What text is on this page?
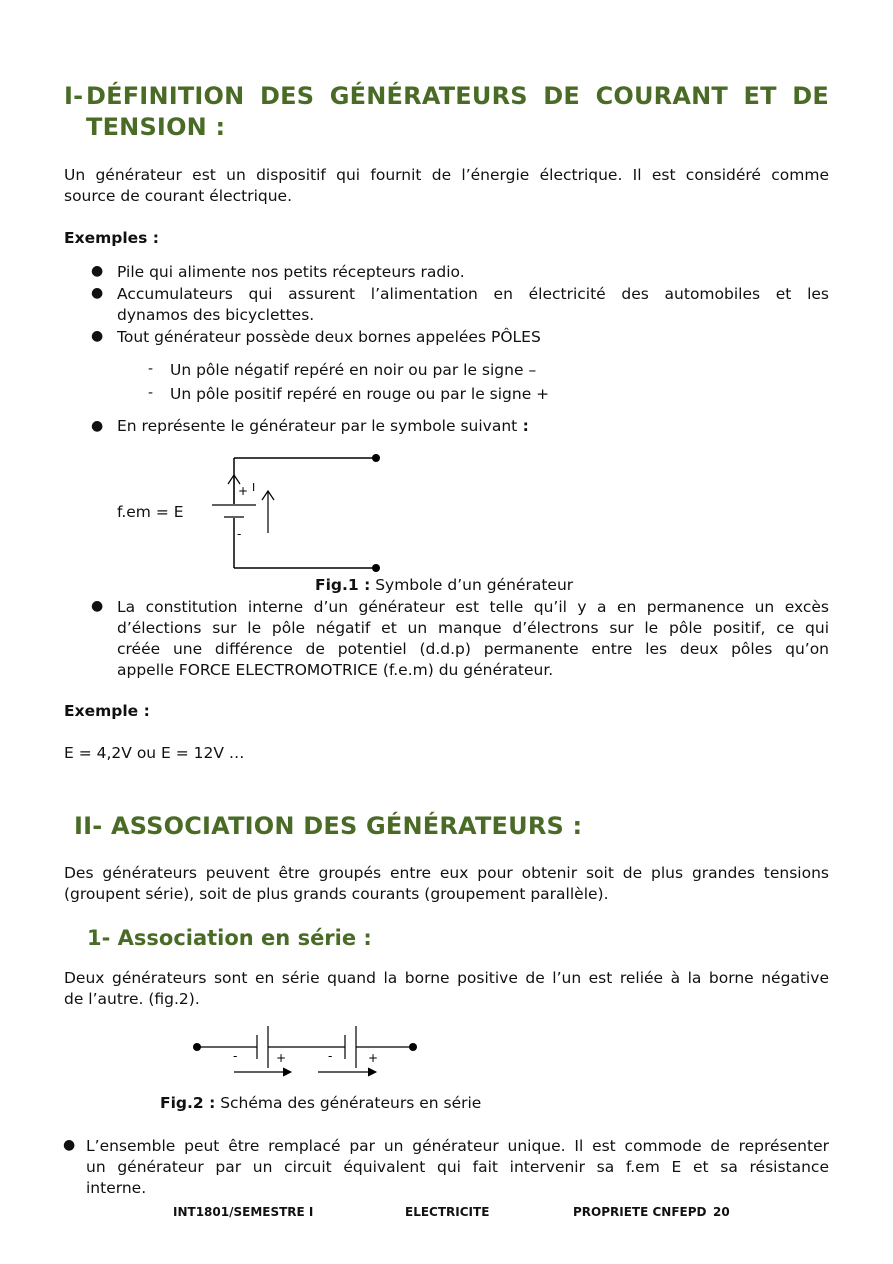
I- DÉFINITION DES GÉNÉRATEURS DE COURANT ET DE
TENSION :
Un générateur est un dispositif qui fournit de l’énergie électrique. Il est considéré comme
source de courant électrique.
Exemples :
● Pile qui alimente nos petits récepteurs radio.
● Accumulateurs qui assurent l’alimentation en électricité des automobiles et les
dynamos des bicyclettes.
● Tout générateur possède deux bornes appelées PÔLES
- Un pôle négatif repéré en noir ou par le signe –
- Un pôle positif repéré en rouge ou par le signe +
● En représente le générateur par le symbole suivant :
f.em = E
+ I
-
Fig.1 : Symbole d’un générateur
● La constitution interne d’un générateur est telle qu’il y a en permanence un excès
d’élections sur le pôle négatif et un manque d’électrons sur le pôle positif, ce qui
créée une différence de potentiel (d.d.p) permanente entre les deux pôles qu’on
appelle FORCE ELECTROMOTRICE (f.e.m) du générateur.
Exemple :
E = 4,2V ou E = 12V …
II- ASSOCIATION DES GÉNÉRATEURS :
Des générateurs peuvent être groupés entre eux pour obtenir soit de plus grandes tensions
(groupent série), soit de plus grands courants (groupement parallèle).
1- Association en série :
Deux générateurs sont en série quand la borne positive de l’un est reliée à la borne négative
de l’autre. (fig.2).
-	+	-	+
Fig.2 : Schéma des générateurs en série
● L’ensemble peut être remplacé par un générateur unique. Il est commode de représenter
un générateur par un circuit équivalent qui fait intervenir sa f.em E et sa résistance
interne.
INT1801/SEMESTRE I	ELECTRICITE	PROPRIETE CNFEPD 20
